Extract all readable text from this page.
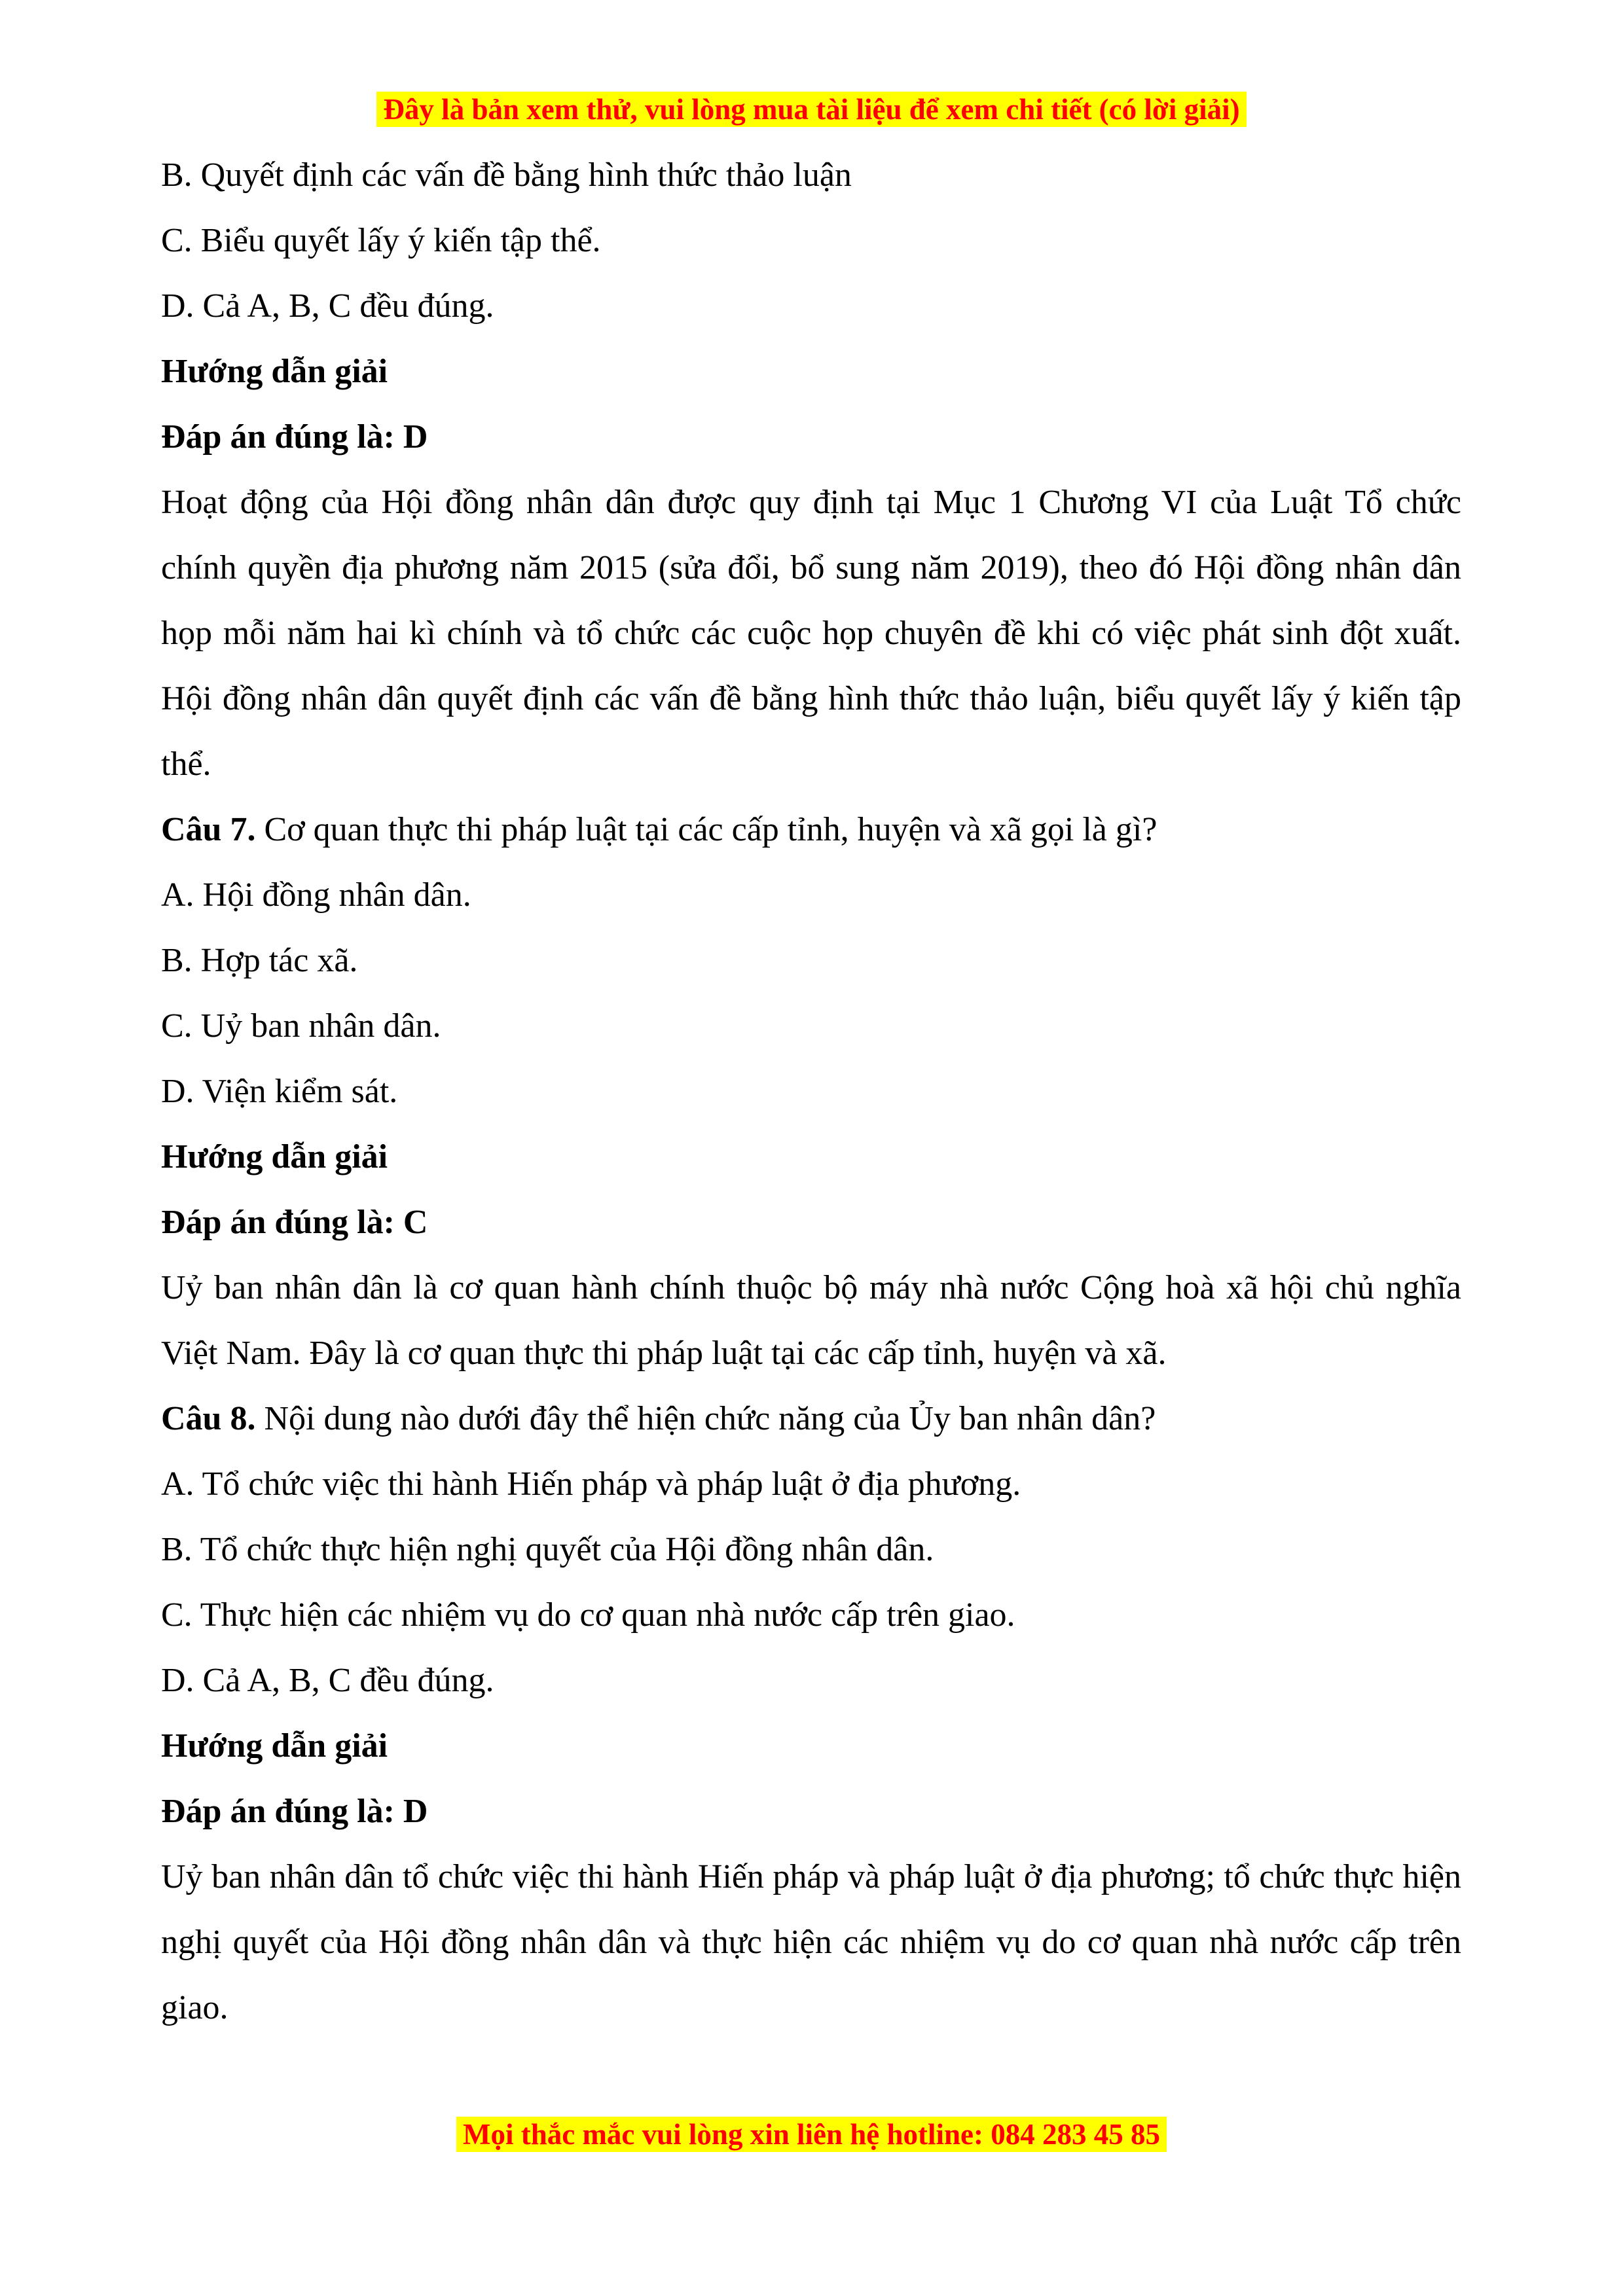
Đây là bản xem thử, vui lòng mua tài liệu để xem chi tiết (có lời giải)

B. Quyết định các vấn đề bằng hình thức thảo luận

C. Biểu quyết lấy ý kiến tập thể.

D. Cả A, B, C đều đúng.

Hướng dẫn giải

Đáp án đúng là: D

Hoạt động của Hội đồng nhân dân được quy định tại Mục 1 Chương VI của Luật Tổ chức chính quyền địa phương năm 2015 (sửa đổi, bổ sung năm 2019), theo đó Hội đồng nhân dân họp mỗi năm hai kì chính và tổ chức các cuộc họp chuyên đề khi có việc phát sinh đột xuất. Hội đồng nhân dân quyết định các vấn đề bằng hình thức thảo luận, biểu quyết lấy ý kiến tập thể.

Câu 7. Cơ quan thực thi pháp luật tại các cấp tỉnh, huyện và xã gọi là gì?

A. Hội đồng nhân dân.

B. Hợp tác xã.

C. Uỷ ban nhân dân.

D. Viện kiểm sát.

Hướng dẫn giải

Đáp án đúng là: C

Uỷ ban nhân dân là cơ quan hành chính thuộc bộ máy nhà nước Cộng hoà xã hội chủ nghĩa Việt Nam. Đây là cơ quan thực thi pháp luật tại các cấp tỉnh, huyện và xã.

Câu 8. Nội dung nào dưới đây thể hiện chức năng của Ủy ban nhân dân?

A. Tổ chức việc thi hành Hiến pháp và pháp luật ở địa phương.

B. Tổ chức thực hiện nghị quyết của Hội đồng nhân dân.

C. Thực hiện các nhiệm vụ do cơ quan nhà nước cấp trên giao.

D. Cả A, B, C đều đúng.

Hướng dẫn giải

Đáp án đúng là: D

Uỷ ban nhân dân tổ chức việc thi hành Hiến pháp và pháp luật ở địa phương; tổ chức thực hiện nghị quyết của Hội đồng nhân dân và thực hiện các nhiệm vụ do cơ quan nhà nước cấp trên giao.

Mọi thắc mắc vui lòng xin liên hệ hotline: 084 283 45 85
